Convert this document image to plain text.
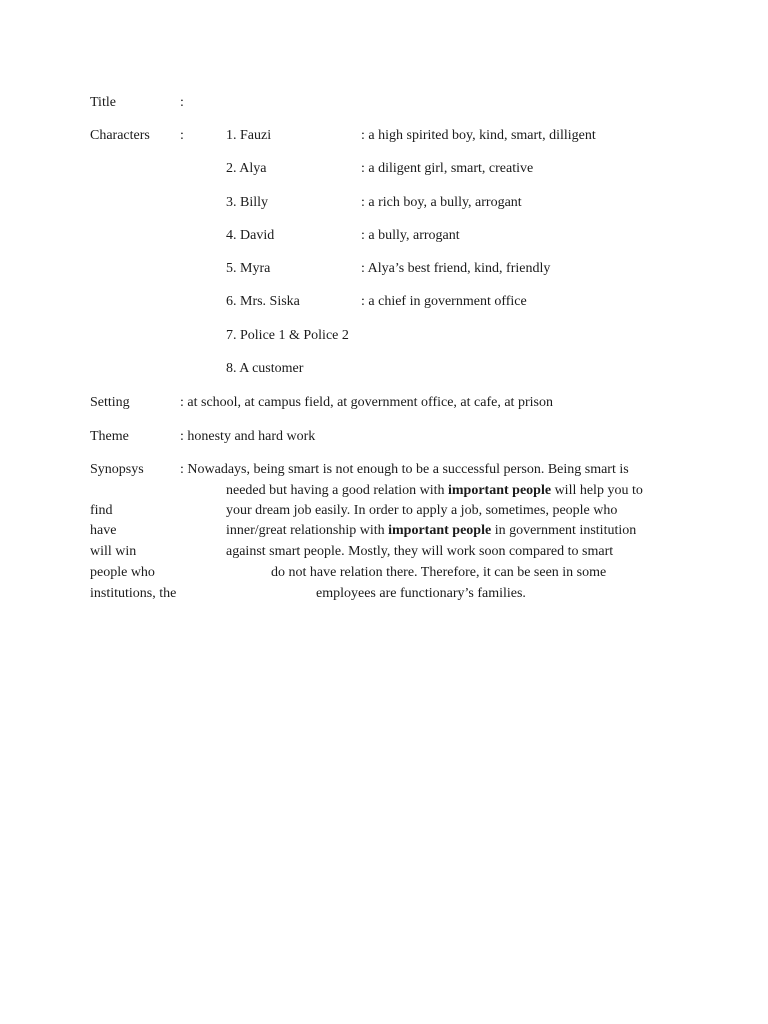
Title	:
Characters :	1. Fauzi	: a high spirited boy, kind, smart, dilligent
2. Alya	: a diligent girl, smart, creative
3. Billy	: a rich boy, a bully, arrogant
4. David	: a bully, arrogant
5. Myra	: Alya’s best friend, kind, friendly
6. Mrs. Siska	: a chief in government office
7. Police 1 & Police 2
8. A customer
Setting	: at school, at campus field, at government office, at cafe, at prison
Theme	: honesty and hard work
Synopsys	: Nowadays, being smart is not enough to be a successful person. Being smart is
needed but having a good relation with important people will help you to
find	your dream job easily. In order to apply a job, sometimes, people who
have	inner/great relationship with important people in government institution
will win	against smart people. Mostly, they will work soon compared to smart
people who	do not have relation there. Therefore, it can be seen in some
institutions, the	employees are functionary’s families.
